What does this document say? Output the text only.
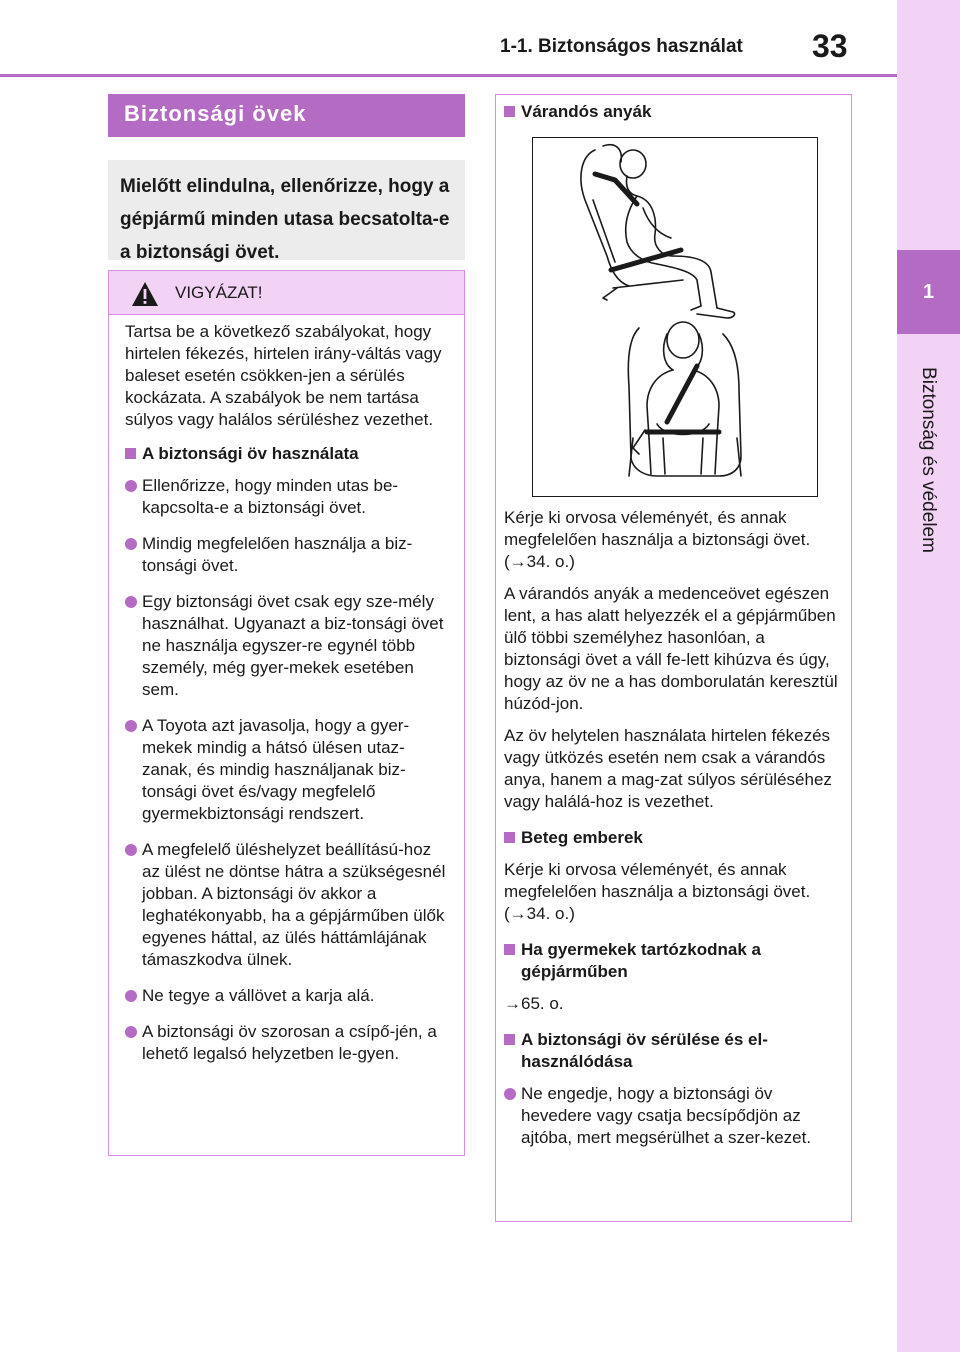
1-1. Biztonságos használat 33
1
Biztonság és védelem
Biztonsági övek
Mielőtt elindulna, ellenőrizze, hogy a gépjármű minden utasa becsatolta-e a biztonsági övet.
VIGYÁZAT!

Tartsa be a következő szabályokat, hogy hirtelen fékezés, hirtelen irány-váltás vagy baleset esetén csökken-jen a sérülés kockázata. A szabályok be nem tartása súlyos vagy halálos sérüléshez vezethet.

A biztonsági öv használata
Ellenőrizze, hogy minden utas be-kapcsolta-e a biztonsági övet.
Mindig megfelelően használja a biz-tonsági övet.
Egy biztonsági övet csak egy sze-mély használhat. Ugyanazt a biz-tonsági övet ne használja egyszer-re egynél több személy, még gyer-mekek esetében sem.
A Toyota azt javasolja, hogy a gyer-mekek mindig a hátsó ülésen utaz-zanak, és mindig használjanak biz-tonsági övet és/vagy megfelelő gyermekbiztonsági rendszert.
A megfelelő üléshelyzet beállítású-hoz az ülést ne döntse hátra a szükségesnél jobban. A biztonsági öv akkor a leghatékonyabb, ha a gépjárműben ülők egyenes háttal, az ülés háttámlájának támaszkodva ülnek.
Ne tegye a vállövet a karja alá.
A biztonsági öv szorosan a csípő-jén, a lehető legalsó helyzetben le-gyen.
Várandós anyák

Kérje ki orvosa véleményét, és annak megfelelően használja a biztonsági övet. (→34. o.)

A várandós anyák a medenceövet egészen lent, a has alatt helyezzék el a gépjárműben ülő többi személyhez hasonlóan, a biztonsági övet a váll fe-lett kihúzva és úgy, hogy az öv ne a has domborulatán keresztül húzód-jon.

Az öv helytelen használata hirtelen fékezés vagy ütközés esetén nem csak a várandós anya, hanem a mag-zat súlyos sérüléséhez vagy halálá-hoz is vezethet.

Beteg emberek

Kérje ki orvosa véleményét, és annak megfelelően használja a biztonsági övet. (→34. o.)

Ha gyermekek tartózkodnak a gépjárműben

→65. o.

A biztonsági öv sérülése és el-használódása
Ne engedje, hogy a biztonsági öv hevedere vagy csatja becsípődjön az ajtóba, mert megsérülhet a szer-kezet.
